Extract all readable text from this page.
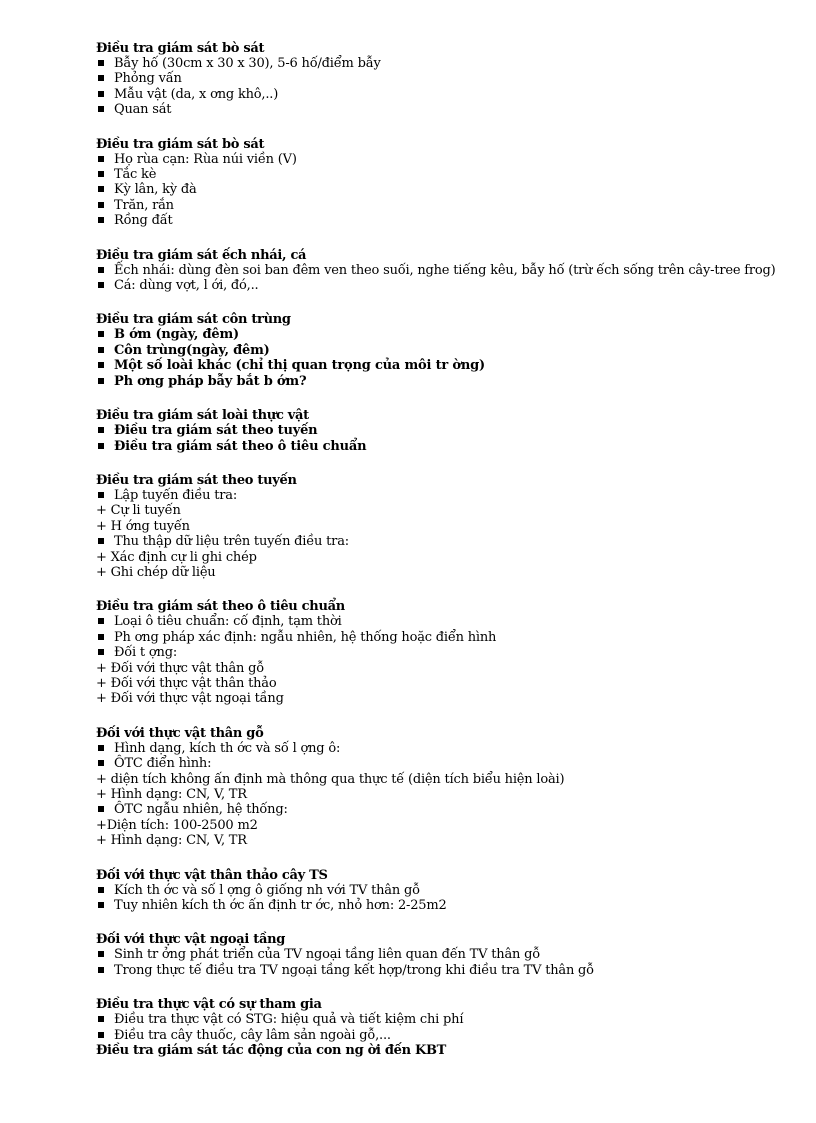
Điều tra giám sát bò sát
Bẫy hố (30cm x 30 x 30), 5-6 hố/điểm bẫy
Phỏng vấn
Mẫu vật (da, x ơng khô,..)
Quan sát
Điều tra giám sát bò sát
Họ rùa cạn: Rùa núi viền (V)
Tắc kè
Kỳ lân, kỳ đà
Trăn, rắn
Rồng đất
Điều tra giám sát ếch nhái, cá
Ếch nhái: dùng đèn soi ban đêm ven theo suối, nghe tiếng kêu, bẫy hố (trừ ếch sống trên cây-tree frog)
Cá: dùng vợt, l ới, đó,..
Điều tra giám sát côn trùng
B ớm (ngày, đêm)
Côn trùng(ngày, đêm)
Một số loài khác (chỉ thị quan trọng của môi tr ờng)
Ph ơng pháp bẫy bắt b ớm?
Điều tra giám sát loài thực vật
Điều tra giám sát theo tuyến
Điều tra giám sát theo ô tiêu chuẩn
Điều tra giám sát theo tuyến
Lập tuyến điều tra:
+ Cự li tuyến
+ H ớng tuyến
Thu thập dữ liệu trên tuyến điều tra:
+ Xác định cự li ghi chép
+ Ghi chép dữ liệu
Điều tra giám sát theo ô tiêu chuẩn
Loại ô tiêu chuẩn: cố định, tạm thời
Ph ơng pháp xác định: ngẫu nhiên, hệ thống hoặc điển hình
Đối t ợng:
+ Đối với thực vật thân gỗ
+ Đối với thực vật thân thảo
+ Đối với thực vật ngoại tầng
Đối với thực vật thân gỗ
Hình dạng, kích th ớc và số l ợng ô:
ÔTC điển hình:
+ diện tích không ấn định mà thông qua thực tế (diện tích biểu hiện loài)
+ Hình dạng: CN, V, TR
ÔTC ngẫu nhiên, hệ thống:
+Diện tích: 100-2500 m2
+ Hình dạng: CN, V, TR
Đối với thực vật thân thảo cây TS
Kích th ớc và số l ợng ô giống nh với TV thân gỗ
Tuy nhiên kích th ớc ấn định tr ớc, nhỏ hơn: 2-25m2
Đối với thực vật ngoại tầng
Sinh tr ởng phát triển của TV ngoại tầng liên quan đến TV thân gỗ
Trong thực tế điều tra TV ngoại tầng kết hợp/trong khi điều tra TV thân gỗ
Điều tra thực vật có sự tham gia
Điều tra thực vật có STG: hiệu quả và tiết kiệm chi phí
Điều tra cây thuốc, cây lâm sản ngoài gỗ,...
Điều tra giám sát tác động của con ng ời đến KBT
